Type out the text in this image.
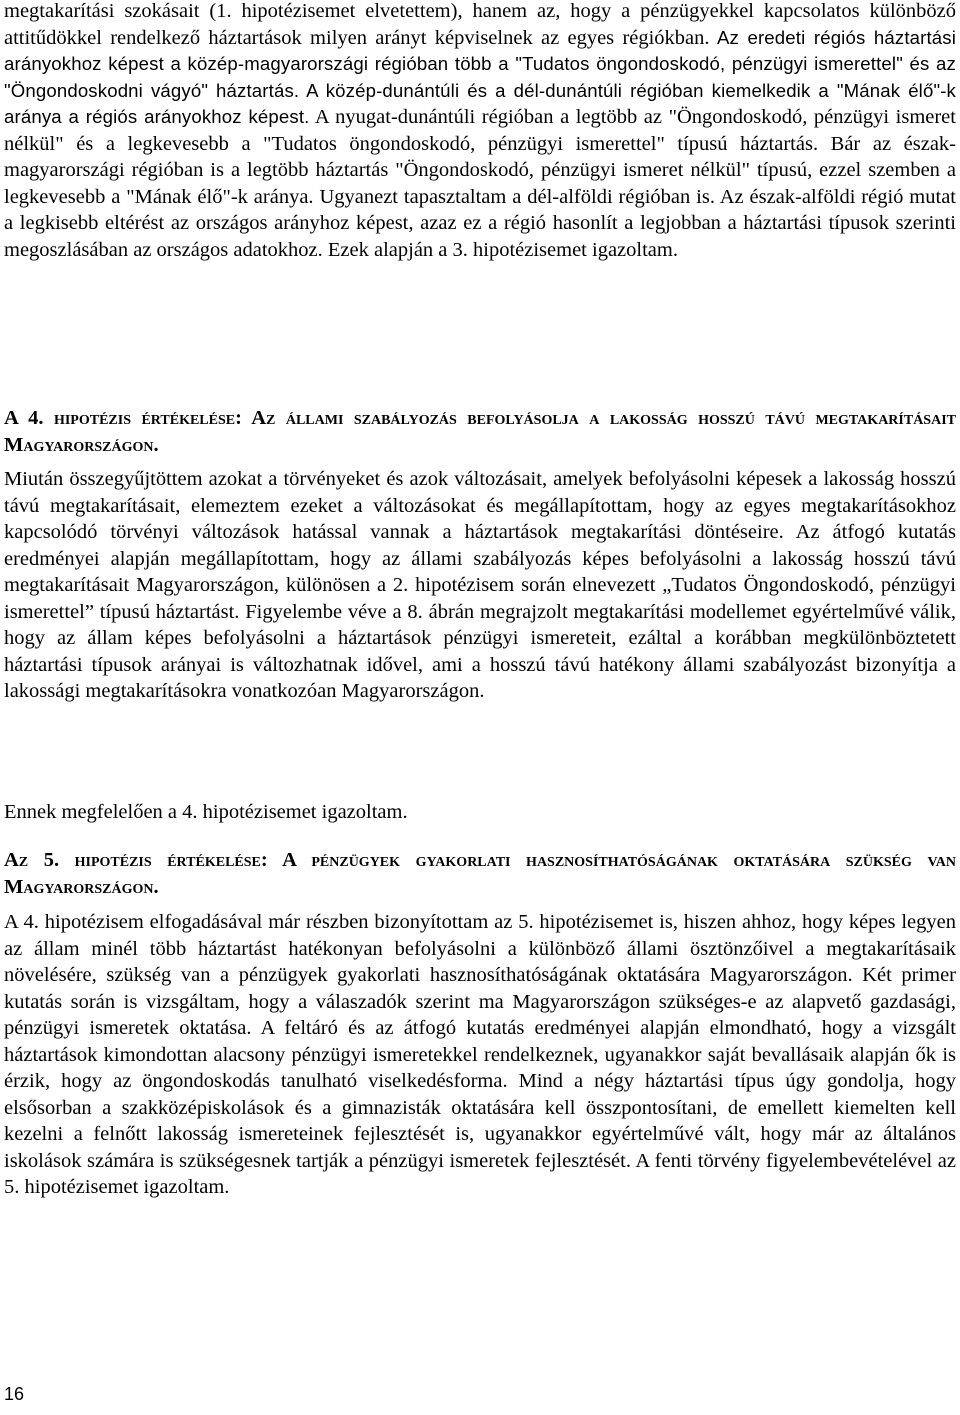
megtakarítási szokásait (1. hipotézisemet elvetettem), hanem az, hogy a pénzügyekkel kapcsolatos különböző attitűdökkel rendelkező háztartások milyen arányt képviselnek az egyes régiókban. Az eredeti régiós háztartási arányokhoz képest a közép-magyarországi régióban több a "Tudatos öngondoskodó, pénzügyi ismerettel" és az "Öngondoskodni vágyó" háztartás. A közép-dunántúli és a dél-dunántúli régióban kiemelkedik a "Mának élő"-k aránya a régiós arányokhoz képest. A nyugat-dunántúli régióban a legtöbb az "Öngondoskodó, pénzügyi ismeret nélkül" és a legkevesebb a "Tudatos öngondoskodó, pénzügyi ismerettel" típusú háztartás. Bár az észak-magyarországi régióban is a legtöbb háztartás "Öngondoskodó, pénzügyi ismeret nélkül" típusú, ezzel szemben a legkevesebb a "Mának élő"-k aránya. Ugyanezt tapasztaltam a dél-alföldi régióban is. Az észak-alföldi régió mutat a legkisebb eltérést az országos arányhoz képest, azaz ez a régió hasonlít a legjobban a háztartási típusok szerinti megoszlásában az országos adatokhoz. Ezek alapján a 3. hipotézisemet igazoltam.

A 4. hipotézis értékelése: Az állami szabályozás befolyásolja a lakosság hosszú távú megtakarításait Magyarországon.

Miután összegyűjtöttem azokat a törvényeket és azok változásait, amelyek befolyásolni képesek a lakosság hosszú távú megtakarításait, elemeztem ezeket a változásokat és megállapítottam, hogy az egyes megtakarításokhoz kapcsolódó törvényi változások hatással vannak a háztartások megtakarítási döntéseire. Az átfogó kutatás eredményei alapján megállapítottam, hogy az állami szabályozás képes befolyásolni a lakosság hosszú távú megtakarításait Magyarországon, különösen a 2. hipotézisem során elnevezett „Tudatos Öngondoskodó, pénzügyi ismerettel” típusú háztartást. Figyelembe véve a 8. ábrán megrajzolt megtakarítási modellemet egyértelművé válik, hogy az állam képes befolyásolni a háztartások pénzügyi ismereteit, ezáltal a korábban megkülönböztetett háztartási típusok arányai is változhatnak idővel, ami a hosszú távú hatékony állami szabályozást bizonyítja a lakossági megtakarításokra vonatkozóan Magyarországon.

Ennek megfelelően a 4. hipotézisemet igazoltam.

Az 5. hipotézis értékelése: A pénzügyek gyakorlati hasznosíthatóságának oktatására szükség van Magyarországon.

A 4. hipotézisem elfogadásával már részben bizonyítottam az 5. hipotézisemet is, hiszen ahhoz, hogy képes legyen az állam minél több háztartást hatékonyan befolyásolni a különböző állami ösztönzőivel a megtakarításaik növelésére, szükség van a pénzügyek gyakorlati hasznosíthatóságának oktatására Magyarországon. Két primer kutatás során is vizsgáltam, hogy a válaszadók szerint ma Magyarországon szükséges-e az alapvető gazdasági, pénzügyi ismeretek oktatása. A feltáró és az átfogó kutatás eredményei alapján elmondható, hogy a vizsgált háztartások kimondottan alacsony pénzügyi ismeretekkel rendelkeznek, ugyanakkor saját bevallásaik alapján ők is érzik, hogy az öngondoskodás tanulható viselkedésforma. Mind a négy háztartási típus úgy gondolja, hogy elsősorban a szakközépiskolások és a gimnazisták oktatására kell összpontosítani, de emellett kiemelten kell kezelni a felnőtt lakosság ismereteinek fejlesztését is, ugyanakkor egyértelművé vált, hogy már az általános iskolások számára is szükségesnek tartják a pénzügyi ismeretek fejlesztését. A fenti törvény figyelembevételével az 5. hipotézisemet igazoltam.

16
